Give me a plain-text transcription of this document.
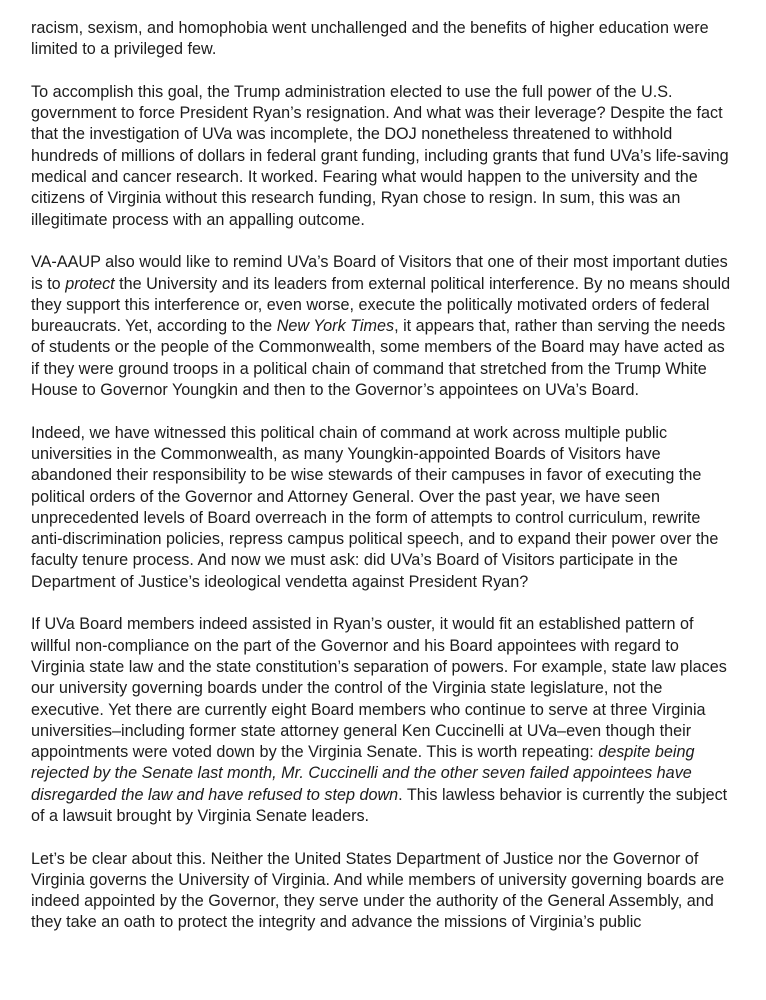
racism, sexism, and homophobia went unchallenged and the benefits of higher education were limited to a privileged few.

To accomplish this goal, the Trump administration elected to use the full power of the U.S. government to force President Ryan’s resignation. And what was their leverage? Despite the fact that the investigation of UVa was incomplete, the DOJ nonetheless threatened to withhold hundreds of millions of dollars in federal grant funding, including grants that fund UVa’s life-saving medical and cancer research. It worked. Fearing what would happen to the university and the citizens of Virginia without this research funding, Ryan chose to resign. In sum, this was an illegitimate process with an appalling outcome.

VA-AAUP also would like to remind UVa’s Board of Visitors that one of their most important duties is to protect the University and its leaders from external political interference. By no means should they support this interference or, even worse, execute the politically motivated orders of federal bureaucrats. Yet, according to the New York Times, it appears that, rather than serving the needs of students or the people of the Commonwealth, some members of the Board may have acted as if they were ground troops in a political chain of command that stretched from the Trump White House to Governor Youngkin and then to the Governor’s appointees on UVa’s Board.

Indeed, we have witnessed this political chain of command at work across multiple public universities in the Commonwealth, as many Youngkin-appointed Boards of Visitors have abandoned their responsibility to be wise stewards of their campuses in favor of executing the political orders of the Governor and Attorney General. Over the past year, we have seen unprecedented levels of Board overreach in the form of attempts to control curriculum, rewrite anti-discrimination policies, repress campus political speech, and to expand their power over the faculty tenure process. And now we must ask: did UVa’s Board of Visitors participate in the Department of Justice’s ideological vendetta against President Ryan?

If UVa Board members indeed assisted in Ryan’s ouster, it would fit an established pattern of willful non-compliance on the part of the Governor and his Board appointees with regard to Virginia state law and the state constitution’s separation of powers. For example, state law places our university governing boards under the control of the Virginia state legislature, not the executive. Yet there are currently eight Board members who continue to serve at three Virginia universities–including former state attorney general Ken Cuccinelli at UVa–even though their appointments were voted down by the Virginia Senate. This is worth repeating: despite being rejected by the Senate last month, Mr. Cuccinelli and the other seven failed appointees have disregarded the law and have refused to step down. This lawless behavior is currently the subject of a lawsuit brought by Virginia Senate leaders.

Let’s be clear about this. Neither the United States Department of Justice nor the Governor of Virginia governs the University of Virginia. And while members of university governing boards are indeed appointed by the Governor, they serve under the authority of the General Assembly, and they take an oath to protect the integrity and advance the missions of Virginia’s public
